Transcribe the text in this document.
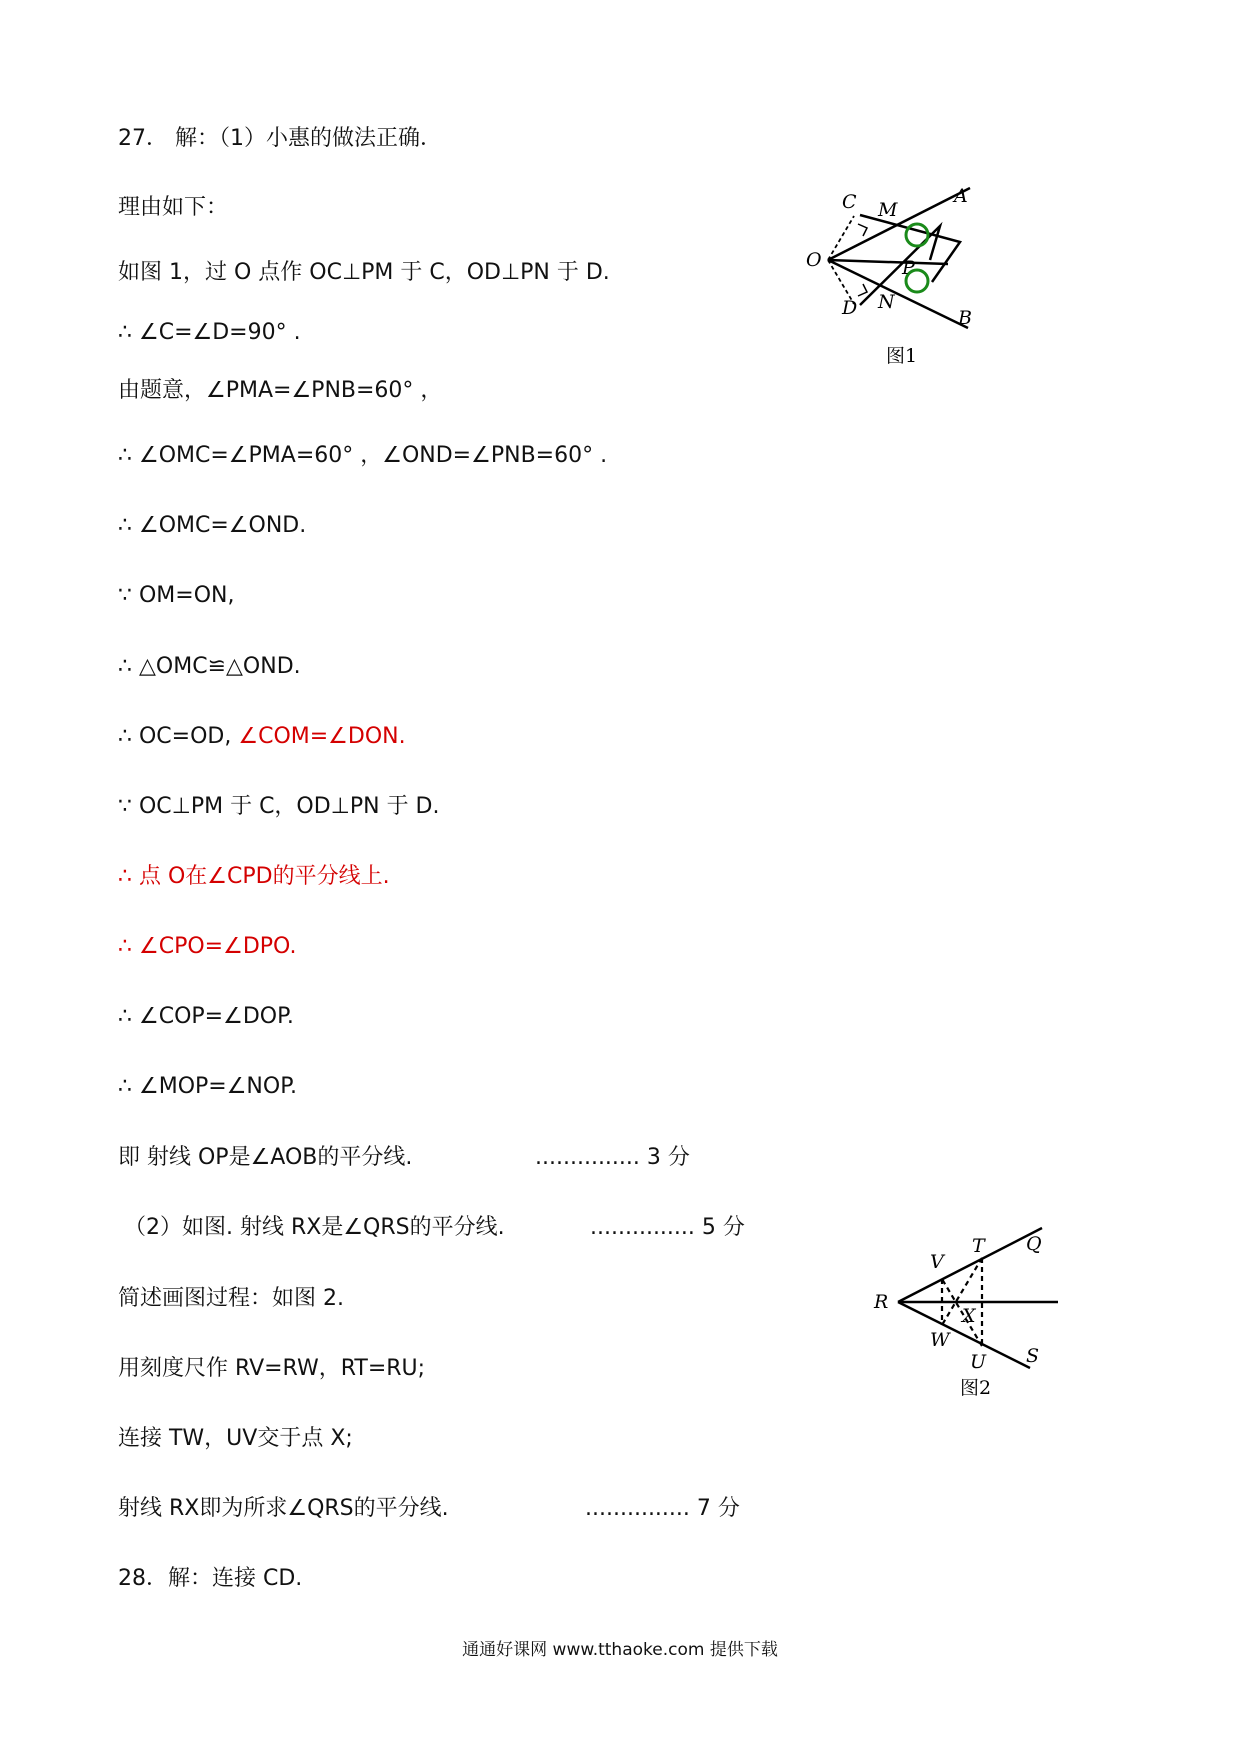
27． 解：（1）小惠的做法正确．
理由如下：
如图 1，过 O 点作 OC⊥PM 于 C，OD⊥PN 于 D.
∴ ∠C=∠D=90° .
由题意，∠PMA=∠PNB=60° ，
∴ ∠OMC=∠PMA=60° ，∠OND=∠PNB=60° .
∴ ∠OMC=∠OND.
∵ OM=ON,
∴ △OMC≌△OND.
∴ OC=OD, ∠COM=∠DON.
∵ OC⊥PM 于 C，OD⊥PN 于 D.
∴ 点 O在∠CPD的平分线上.
∴ ∠CPO=∠DPO.
∴ ∠COP=∠DOP.
∴ ∠MOP=∠NOP.
即 射线 OP是∠AOB的平分线.	............... 3 分
（2）如图. 射线 RX是∠QRS的平分线.	............... 5 分
简述画图过程：如图 2.
用刻度尺作 RV=RW，RT=RU;
连接 TW，UV交于点 X;
射线 RX即为所求∠QRS的平分线.	............... 7 分
28．解：连接 CD.
C M
A
O	P
D N
B
图1
V
T Q
R
X
W
U S
图2
通通好课网 www.tthaoke.com 提供下载
